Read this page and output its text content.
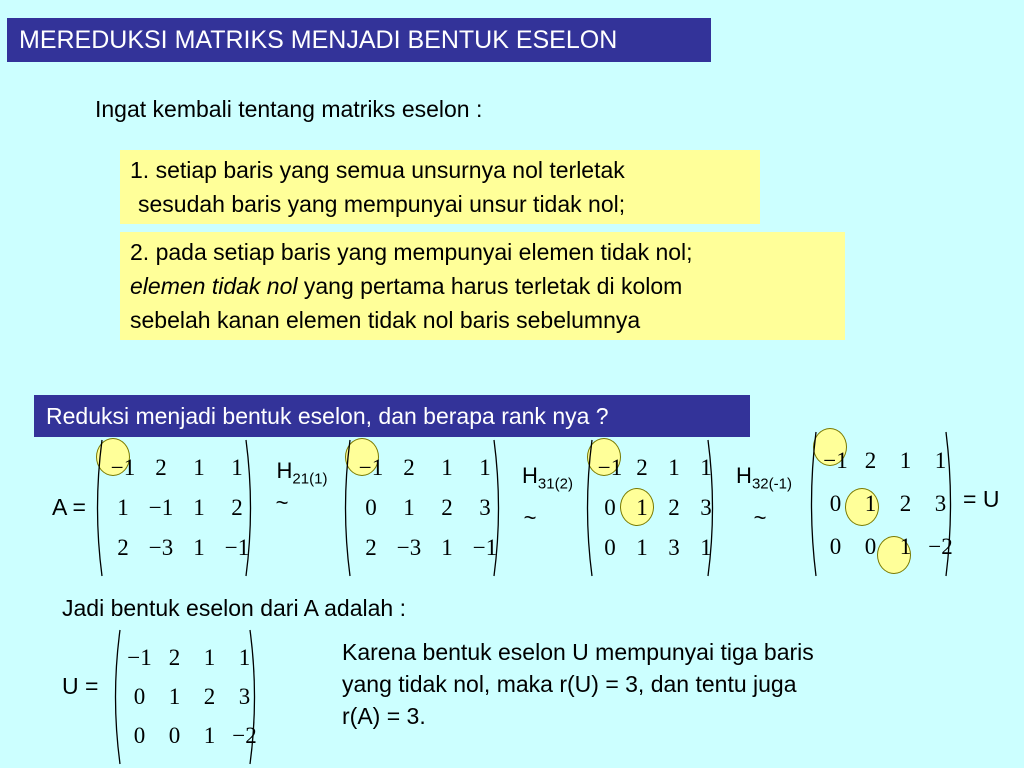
MEREDUKSI MATRIKS MENJADI BENTUK ESELON
Ingat kembali tentang matriks eselon :
1. setiap baris yang semua unsurnya nol terletak
sesudah baris yang mempunyai unsur tidak nol;
2. pada setiap baris yang mempunyai elemen tidak nol;
elemen tidak nol yang pertama harus terletak di kolom
sebelah kanan elemen tidak nol baris sebelumnya
Reduksi menjadi bentuk eselon, dan berapa rank nya ?
A =
$H_{21(1)}$
~
$H_{31(2)}$
~
$H_{32(-1)}$
~
= U
−1 2	1	1
1 −1 1	2
2 −3 1 −1
−1 2	1	1
0	1	2	3
2 −3 1 −1
−1 2 1 1
0 1 2 3
0 1 3 1
−1 2	1	1
0	1	2	3
0	0	1 −2
Jadi bentuk eselon dari A adalah :
U =
−1 2	1	1
0	1	2	3
0	0	1 −2
Karena bentuk eselon U mempunyai tiga baris
yang tidak nol, maka r(U) = 3, dan tentu juga
r(A) = 3.
